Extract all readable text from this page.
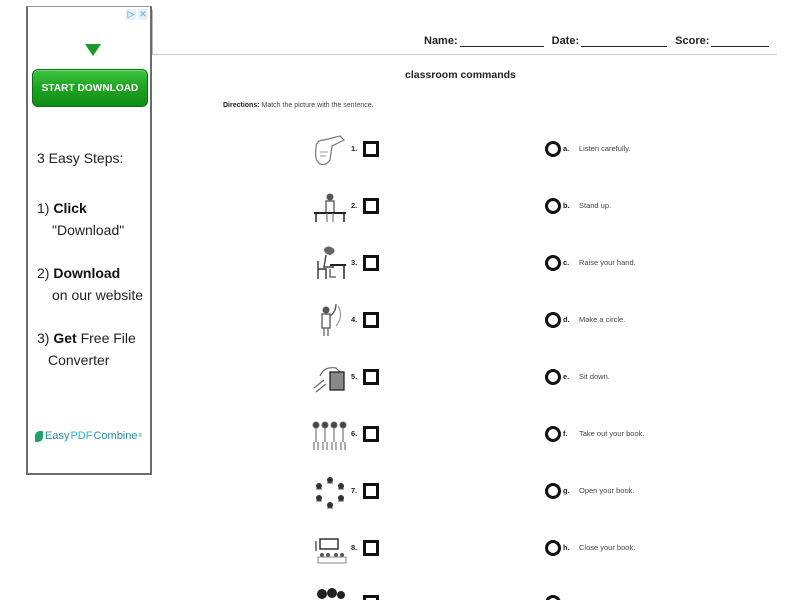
▷ ✕
START DOWNLOAD
3 Easy Steps:
1) Click
"Download"
2) Download
on our website
3) Get Free File
Converter
Easy PDF Combine ®
Name:	Date:	Score:
classroom commands
Directions: Match the picture with the sentence.
1.	a. Listen carefully.
2.	b. Stand up.
3.	c. Raise your hand.
4.	d. Make a circle.
5.	e. Sit down.
6.	f. Take out your book.
7.	g. Open your book.
8.	h. Close your book.
